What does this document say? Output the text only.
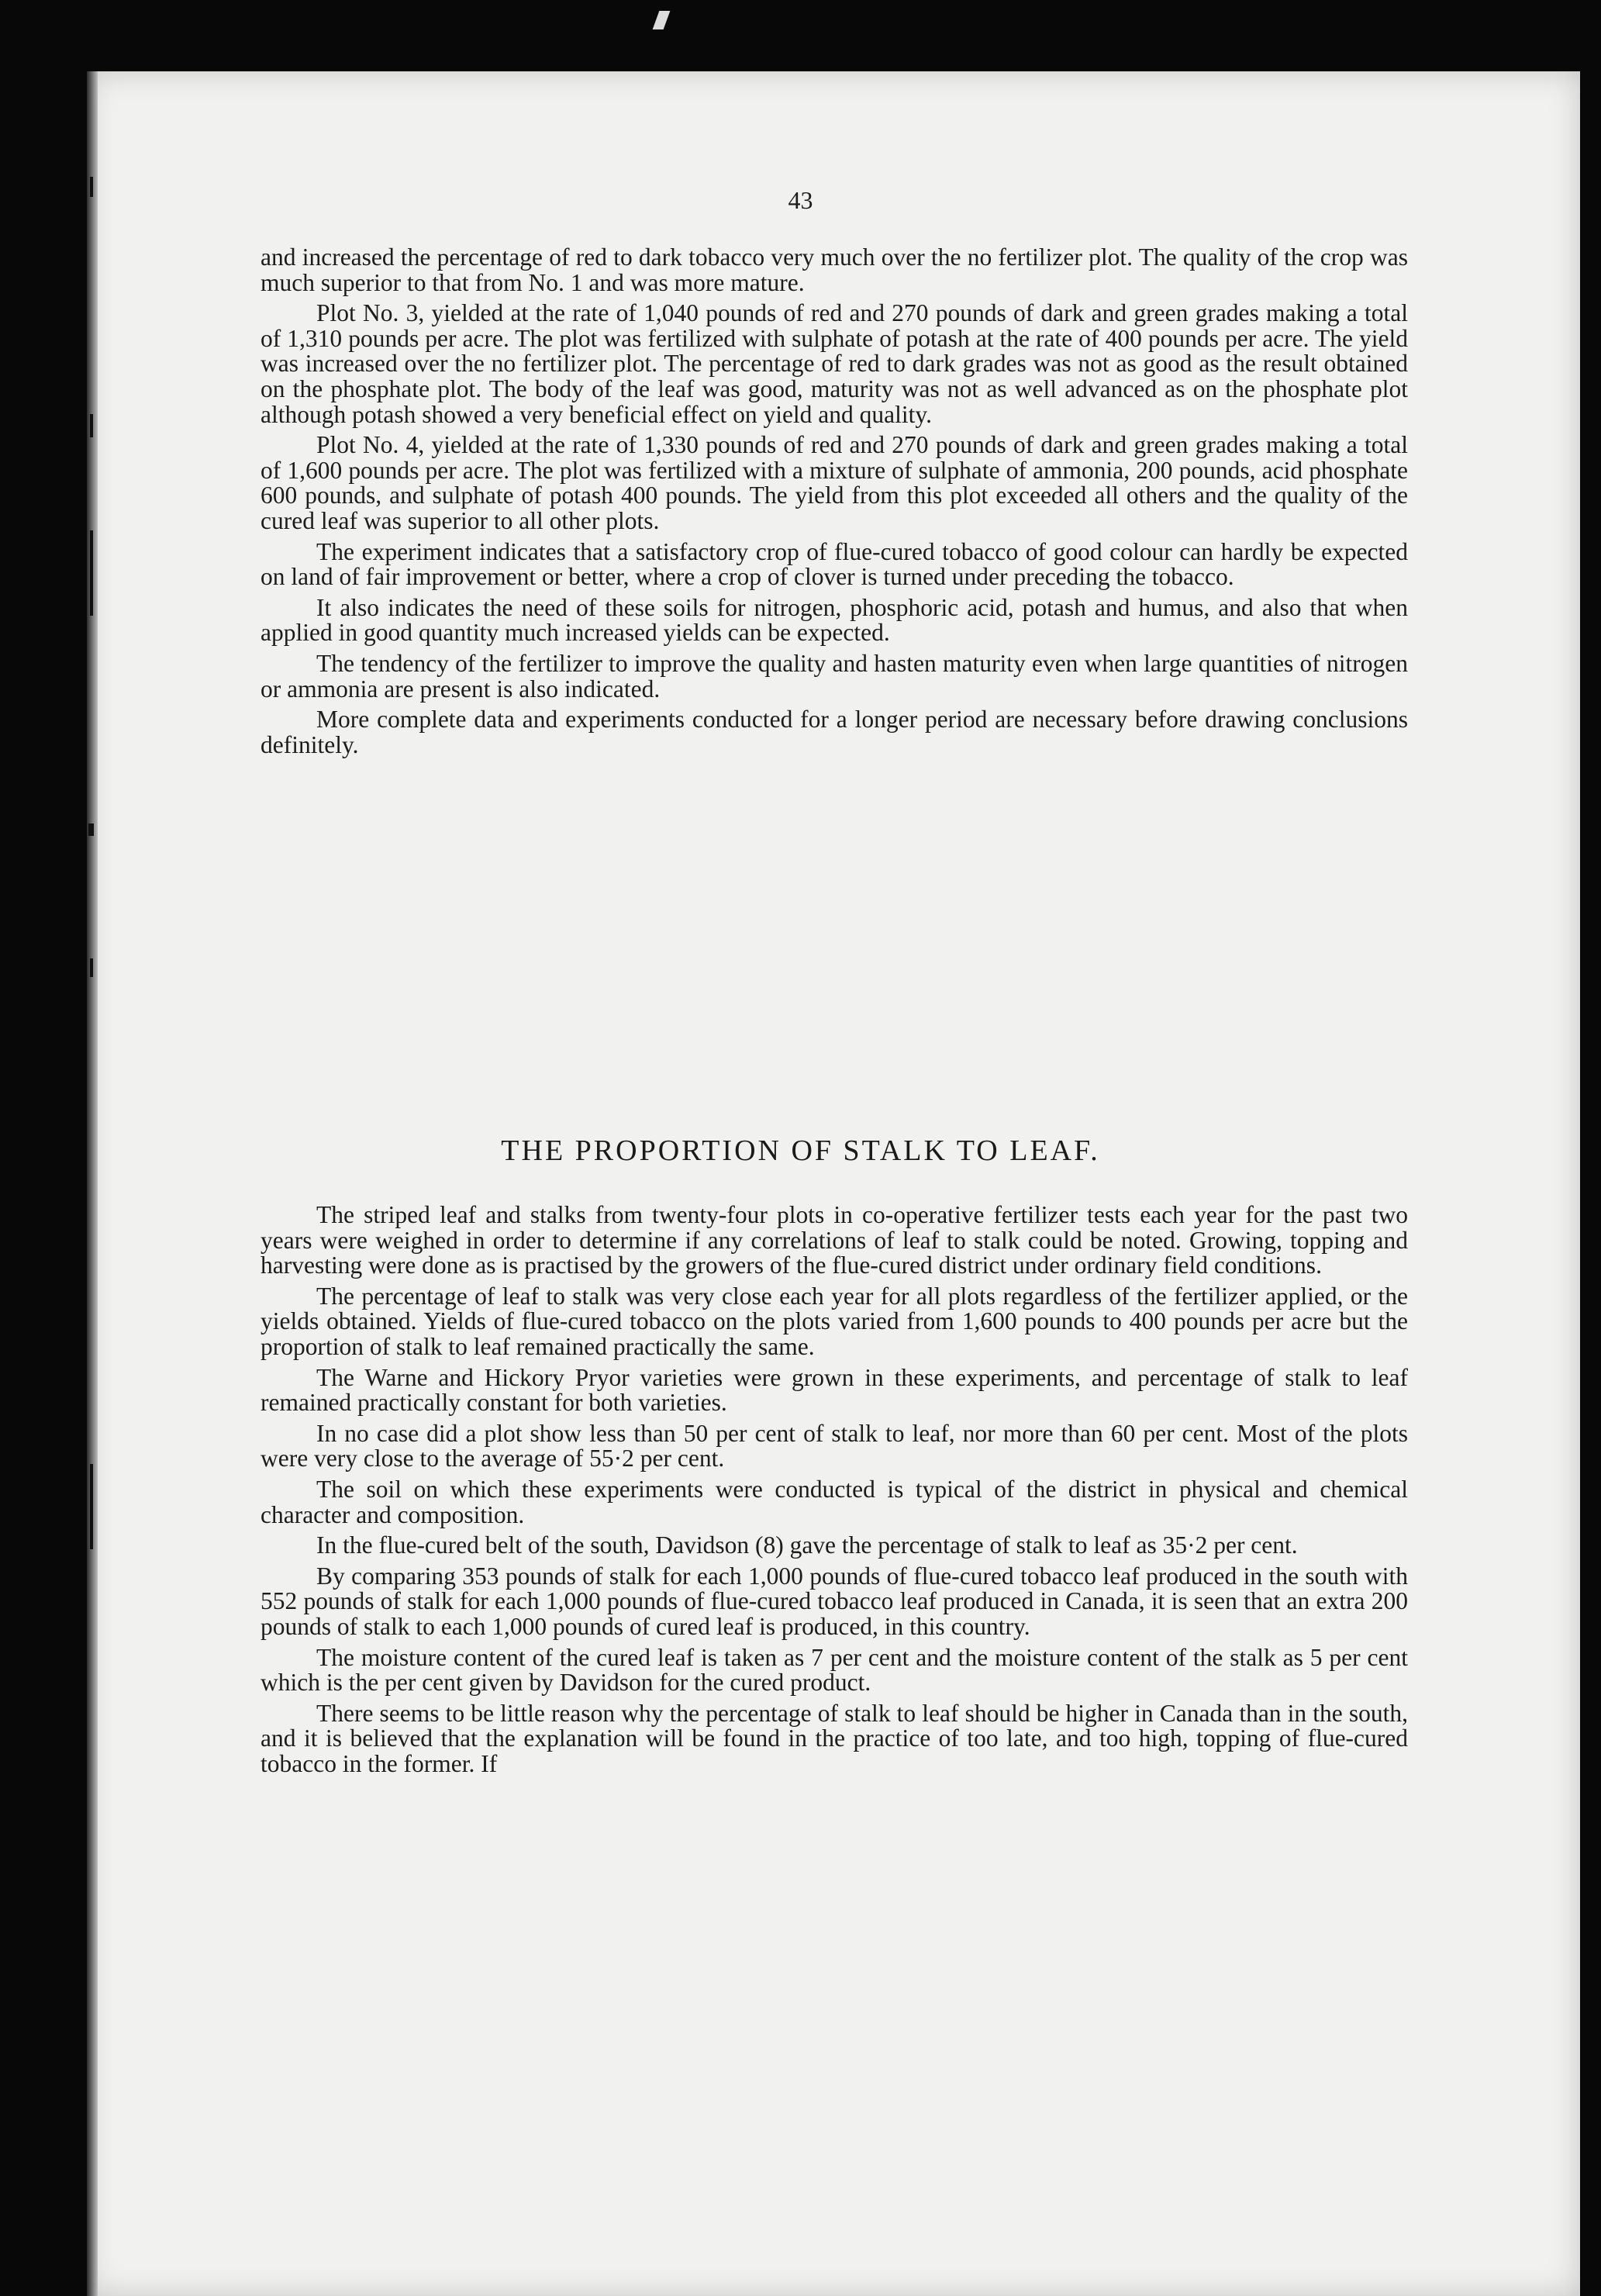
43

and increased the percentage of red to dark tobacco very much over the no fertilizer plot. The quality of the crop was much superior to that from No. 1 and was more mature.

Plot No. 3, yielded at the rate of 1,040 pounds of red and 270 pounds of dark and green grades making a total of 1,310 pounds per acre. The plot was fertilized with sulphate of potash at the rate of 400 pounds per acre. The yield was increased over the no fertilizer plot. The percentage of red to dark grades was not as good as the result obtained on the phosphate plot. The body of the leaf was good, maturity was not as well advanced as on the phosphate plot although potash showed a very beneficial effect on yield and quality.

Plot No. 4, yielded at the rate of 1,330 pounds of red and 270 pounds of dark and green grades making a total of 1,600 pounds per acre. The plot was fertilized with a mixture of sulphate of ammonia, 200 pounds, acid phosphate 600 pounds, and sulphate of potash 400 pounds. The yield from this plot exceeded all others and the quality of the cured leaf was superior to all other plots.

The experiment indicates that a satisfactory crop of flue-cured tobacco of good colour can hardly be expected on land of fair improvement or better, where a crop of clover is turned under preceding the tobacco.

It also indicates the need of these soils for nitrogen, phosphoric acid, potash and humus, and also that when applied in good quantity much increased yields can be expected.

The tendency of the fertilizer to improve the quality and hasten maturity even when large quantities of nitrogen or ammonia are present is also indicated.

More complete data and experiments conducted for a longer period are necessary before drawing conclusions definitely.

THE PROPORTION OF STALK TO LEAF.

The striped leaf and stalks from twenty-four plots in co-operative fertilizer tests each year for the past two years were weighed in order to determine if any correlations of leaf to stalk could be noted. Growing, topping and harvesting were done as is practised by the growers of the flue-cured district under ordinary field conditions.

The percentage of leaf to stalk was very close each year for all plots regardless of the fertilizer applied, or the yields obtained. Yields of flue-cured tobacco on the plots varied from 1,600 pounds to 400 pounds per acre but the proportion of stalk to leaf remained practically the same.

The Warne and Hickory Pryor varieties were grown in these experiments, and percentage of stalk to leaf remained practically constant for both varieties.

In no case did a plot show less than 50 per cent of stalk to leaf, nor more than 60 per cent. Most of the plots were very close to the average of 55·2 per cent.

The soil on which these experiments were conducted is typical of the district in physical and chemical character and composition.

In the flue-cured belt of the south, Davidson (8) gave the percentage of stalk to leaf as 35·2 per cent.

By comparing 353 pounds of stalk for each 1,000 pounds of flue-cured tobacco leaf produced in the south with 552 pounds of stalk for each 1,000 pounds of flue-cured tobacco leaf produced in Canada, it is seen that an extra 200 pounds of stalk to each 1,000 pounds of cured leaf is produced, in this country.

The moisture content of the cured leaf is taken as 7 per cent and the moisture content of the stalk as 5 per cent which is the per cent given by Davidson for the cured product.

There seems to be little reason why the percentage of stalk to leaf should be higher in Canada than in the south, and it is believed that the explanation will be found in the practice of too late, and too high, topping of flue-cured tobacco in the former. If
